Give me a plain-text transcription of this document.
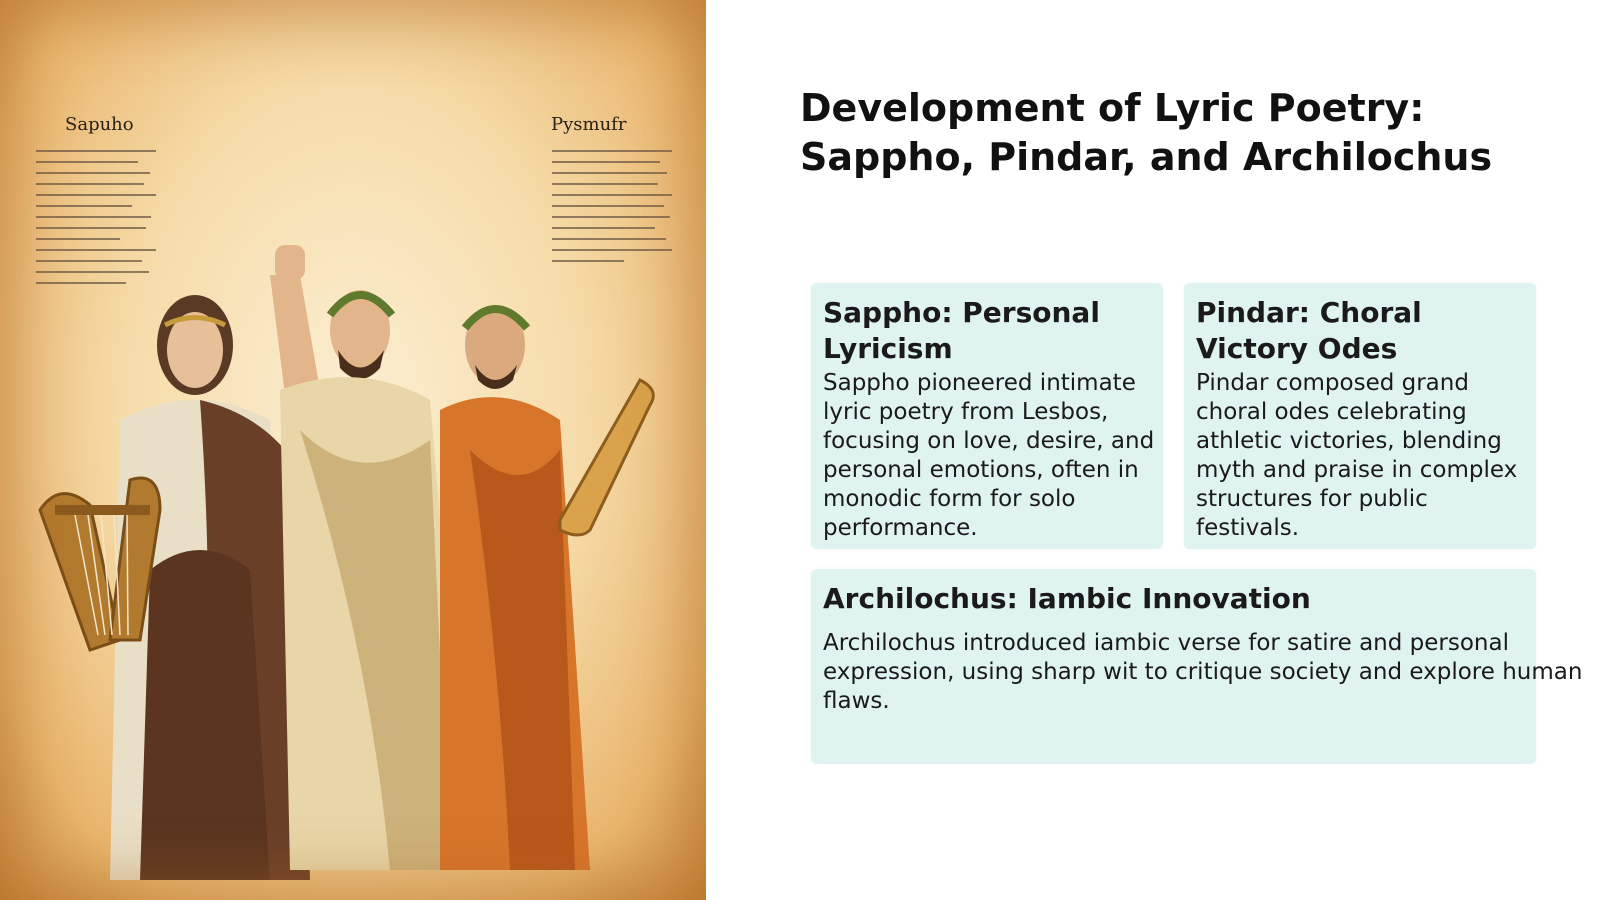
Sapuho	Pysmufr	Development of Lyric Poetry: Sappho, Pindar, and Archilochus
Sappho: Personal Lyricism
Sappho pioneered intimate lyric poetry from Lesbos, focusing on love, desire, and personal emotions, often in monodic form for solo performance.
Pindar: Choral Victory Odes
Pindar composed grand choral odes celebrating athletic victories, blending myth and praise in complex structures for public festivals.
Archilochus: Iambic Innovation
Archilochus introduced iambic verse for satire and personal expression, using sharp wit to critique society and explore human flaws.
